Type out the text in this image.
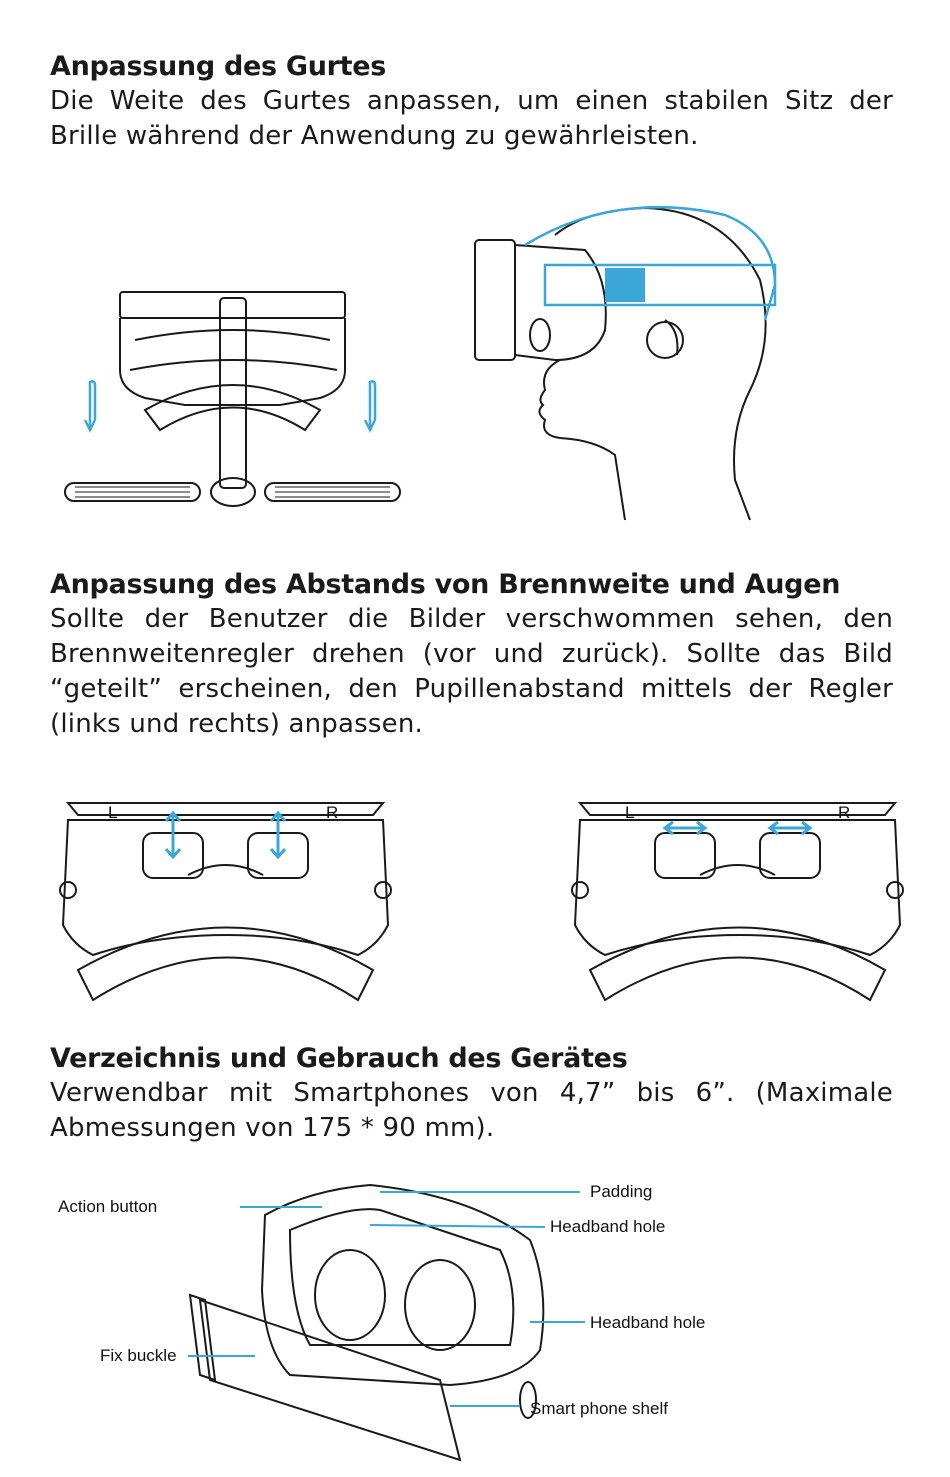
Anpassung des Gurtes
Die Weite des Gurtes anpassen, um einen stabilen Sitz der Brille während der Anwendung zu gewährleisten.
Anpassung des Abstands von Brennweite und Augen
Sollte der Benutzer die Bilder verschwommen sehen, den Brennweitenregler drehen (vor und zurück). Sollte das Bild “geteilt” erscheinen, den Pupillenabstand mittels der Regler (links und rechts) anpassen.
L	R	L	R
Verzeichnis und Gebrauch des Gerätes
Verwendbar mit Smartphones von 4,7” bis 6”. (Maximale Abmessungen von 175 * 90 mm).
Action button
Padding
Headband hole
Headband hole
Fix buckle
Smart phone shelf
